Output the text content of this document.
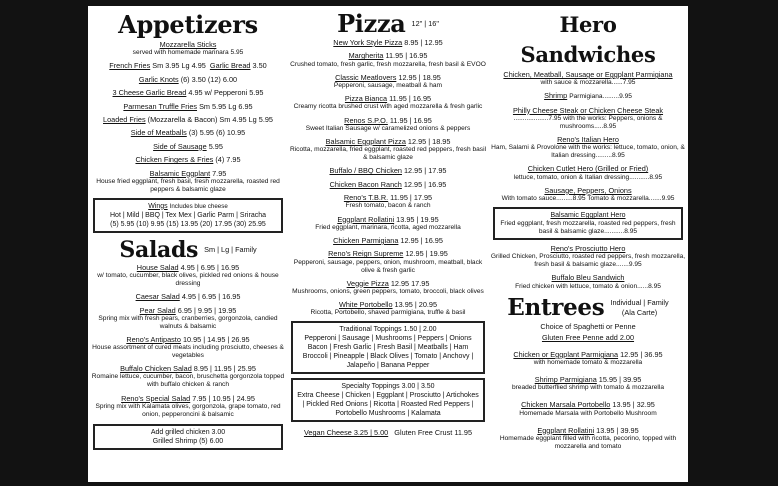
Appetizers
Mozzarella Sticks
served with homemade marinara 5.95
French Fries Sm 3.95 Lg 4.95 Garlic Bread 3.50
Garlic Knots (6) 3.50 (12) 6.00
3 Cheese Garlic Bread 4.95 w/ Pepperoni 5.95
Parmesan Truffle Fries Sm 5.95 Lg 6.95
Loaded Fries (Mozzarella & Bacon) Sm 4.95 Lg 5.95
Side of Meatballs (3) 5.95 (6) 10.95
Side of Sausage 5.95
Chicken Fingers & Fries (4) 7.95
Balsamic Eggplant 7.95
House fried eggplant, fresh basil, fresh mozzarella, roasted red peppers & balsamic glaze
Wings Includes blue cheese
Hot | Mild | BBQ | Tex Mex | Garlic Parm | Sriracha
(5) 5.95 (10) 9.95 (15) 13.95 (20) 17.95 (30) 25.95
Salads Sm | Lg | Family
House Salad 4.95 | 6.95 | 16.95
w/ tomato, cucumber, black olives, pickled red onions & house dressing
Caesar Salad 4.95 | 6.95 | 16.95
Pear Salad 6.95 | 9.95 | 19.95
Spring mix with fresh pears, cranberries, gorgonzola, candied walnuts & balsamic
Reno's Antipasto 10.95 | 14.95 | 26.95
House assortment of cured meats including prosciutto, cheeses & vegetables
Buffalo Chicken Salad 8.95 | 11.95 | 25.95
Romaine lettuce, cucumber, bacon, bruschetta gorgonzola topped with buffalo chicken & ranch
Reno's Special Salad 7.95 | 10.95 | 24.95
Spring mix with Kalamata olives, gorgonzola, grape tomato, red onion, pepperoncini & balsamic
Add grilled chicken 3.00
Grilled Shrimp (5) 6.00
Pizza 12" | 16"
New York Style Pizza 8.95 | 12.95
Margherita 11.95 | 16.95
Crushed tomato, fresh garlic, fresh mozzarella, fresh basil & EVOO
Classic Meatlovers 12.95 | 18.95
Pepperoni, sausage, meatball & ham
Pizza Bianca 11.95 | 16.95
Creamy ricotta brushed crust with aged mozzarella & fresh garlic
Renos S.P.O. 11.95 | 16.95
Sweet Italian Sausage w/ caramelized onions & peppers
Balsamic Eggplant Pizza 12.95 | 18.95
Ricotta, mozzarella, fried eggplant, roasted red peppers, fresh basil & balsamic glaze
Buffalo / BBQ Chicken 12.95 | 17.95
Chicken Bacon Ranch 12.95 | 16.95
Reno's T.B.R. 11.95 | 17.95
Fresh tomato, bacon & ranch
Eggplant Rollatini 13.95 | 19.95
Fried eggplant, marinara, ricotta, aged mozzarella
Chicken Parmigiana 12.95 | 16.95
Reno's Reign Supreme 12.95 | 19.95
Pepperoni, sausage, peppers, onion, mushroom, meatball, black olive & fresh garlic
Veggie Pizza 12.95 17.95
Mushrooms, onions, green peppers, tomato, broccoli, black olives
White Portobello 13.95 | 20.95
Ricotta, Portobello, shaved parmigiana, truffle & basil
Traditional Toppings 1.50 | 2.00
Pepperoni | Sausage | Mushrooms | Peppers | Onions Bacon | Fresh Garlic | Fresh Basil | Meatballs | Ham Broccoli | Pineapple | Black Olives | Tomato | Anchovy | Jalapeño | Banana Pepper
Specialty Toppings 3.00 | 3.50
Extra Cheese | Chicken | Eggplant | Prosciutto | Artichokes | Pickled Red Onions | Ricotta | Roasted Red Peppers | Portobello Mushrooms | Kalamata
Vegan Cheese 3.25 | 5.00 Gluten Free Crust 11.95
Hero Sandwiches
Chicken, Meatball, Sausage or Eggplant Parmigiana
with sauce & mozzarella......7.95
Shrimp Parmigiana.........9.95
Philly Cheese Steak or Chicken Cheese Steak
...................7.95 with the works: Peppers, onions & mushrooms.....8.95
Reno's Italian Hero
Ham, Salami & Provolone with the works: lettuce, tomato, onion, & Italian dressing.........8.95
Chicken Cutlet Hero (Grilled or Fried)
lettuce, tomato, onion & Italian dressing...........8.95
Sausage, Peppers, Onions
With tomato sauce.........8.95 Tomato & mozzarella.......9.95
Balsamic Eggplant Hero
Fried eggplant, fresh mozzarella, roasted red peppers, fresh basil & balsamic glaze...........8.95
Reno's Prosciutto Hero
Grilled Chicken, Prosciutto, roasted red peppers, fresh mozzarella, fresh basil & balsamic glaze.......9.95
Buffalo Bleu Sandwich
Fried chicken with lettuce, tomato & onion......8.95
Entrees Individual | Family
(Ala Carte)
Choice of Spaghetti or Penne
Gluten Free Penne add 2.00
Chicken or Eggplant Parmigiana 12.95 | 36.95
with homemade tomato & mozzarella
Shrimp Parmigiana 15.95 | 39.95
breaded butterflied shrimp with tomato & mozzarella
Chicken Marsala Portobello 13.95 | 32.95
Homemade Marsala with Portobello Mushroom
Eggplant Rollatini 13.95 | 39.95
Homemade eggplant filled with ricotta, pecorino, topped with mozzarella and tomato
